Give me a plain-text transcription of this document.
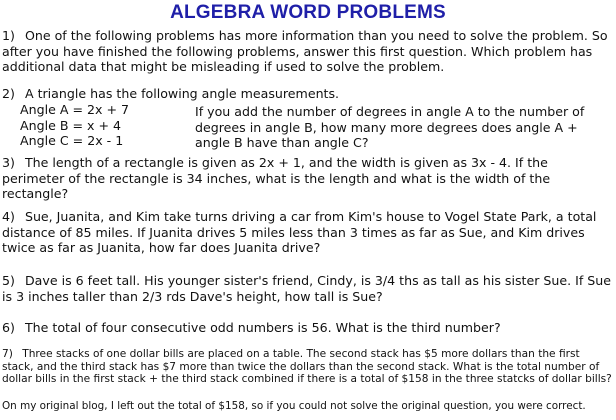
ALGEBRA WORD PROBLEMS
1) One of the following problems has more information than you need to solve the problem. So after you have finished the following problems, answer this first question. Which problem has additional data that might be misleading if used to solve the problem.
2) A triangle has the following angle measurements.
Angle A = 2x + 7
Angle B = x + 4
Angle C = 2x - 1
If you add the number of degrees in angle A to the number of degrees in angle B, how many more degrees does angle A + angle B have than angle C?
3) The length of a rectangle is given as 2x + 1, and the width is given as 3x - 4. If the perimeter of the rectangle is 34 inches, what is the length and what is the width of the rectangle?
4) Sue, Juanita, and Kim take turns driving a car from Kim's house to Vogel State Park, a total distance of 85 miles. If Juanita drives 5 miles less than 3 times as far as Sue, and Kim drives twice as far as Juanita, how far does Juanita drive?
5) Dave is 6 feet tall. His younger sister's friend, Cindy, is 3/4 ths as tall as his sister Sue. If Sue is 3 inches taller than 2/3 rds Dave's height, how tall is Sue?
6) The total of four consecutive odd numbers is 56. What is the third number?
7) Three stacks of one dollar bills are placed on a table. The second stack has $5 more dollars than the first stack, and the third stack has $7 more than twice the dollars than the second stack. What is the total number of dollar bills in the first stack + the third stack combined if there is a total of $158 in the three statcks of dollar bills?
On my original blog, I left out the total of $158, so if you could not solve the original question, you were correct.
